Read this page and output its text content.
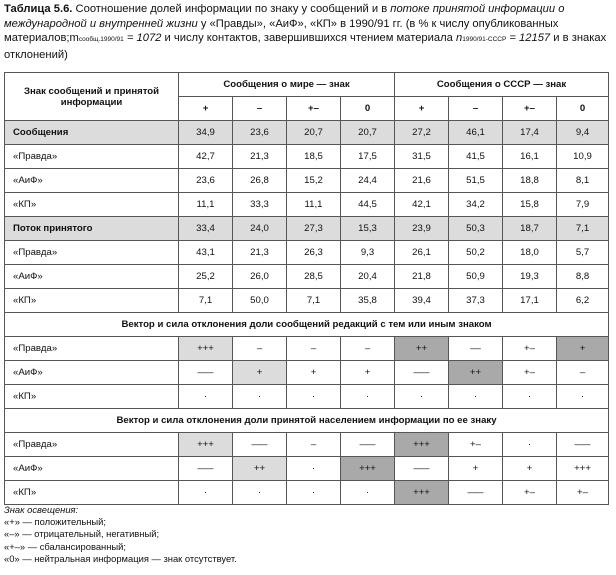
Таблица 5.6. Соотношение долей информации по знаку у сообщений и в потоке принятой информации о международной и внутренней жизни у «Правды», «АиФ», «КП» в 1990/91 гг. (в % к числу опубликованных материалов;mсообщ.1990/91 = 1072 и числу контактов, завершившихся чтением материала n1990/91-СССР = 12157 и в знаках отклонений)
Знак сообщений и принятой информации	Сообщения о мире — знак				Сообщения о СССР — знак			
	+	–	+–	0	+	–	+–	0
Сообщения	34,9	23,6	20,7	20,7	27,2	46,1	17,4	9,4
«Правда»	42,7	21,3	18,5	17,5	31,5	41,5	16,1	10,9
«АиФ»	23,6	26,8	15,2	24,4	21,6	51,5	18,8	8,1
«КП»	11,1	33,3	11,1	44,5	42,1	34,2	15,8	7,9
Поток принятого	33,4	24,0	27,3	15,3	23,9	50,3	18,7	7,1
«Правда»	43,1	21,3	26,3	9,3	26,1	50,2	18,0	5,7
«АиФ»	25,2	26,0	28,5	20,4	21,8	50,9	19,3	8,8
«КП»	7,1	50,0	7,1	35,8	39,4	37,3	17,1	6,2
Вектор и сила отклонения доли сообщений редакций с тем или иным знаком								
«Правда»	+++	–	–	–	++	––	+–	+
«АиФ»	–––	+	+	+	–––	++	+–	–
«КП»	·	·	·	·	·	·	·	·
Вектор и сила отклонения доли принятой населением информации по ее знаку								
«Правда»	+++	–––	–	–––	+++	+–	·	–––
«АиФ»	–––	++	·	+++	–––	+	+	+++
«КП»	·	·	·	·	+++	–––	+–	+–
Знак освещения:
«+» — положительный;
«–» — отрицательный, негативный;
«+–» — сбалансированный;
«0» — нейтральная информация — знак отсутствует.
